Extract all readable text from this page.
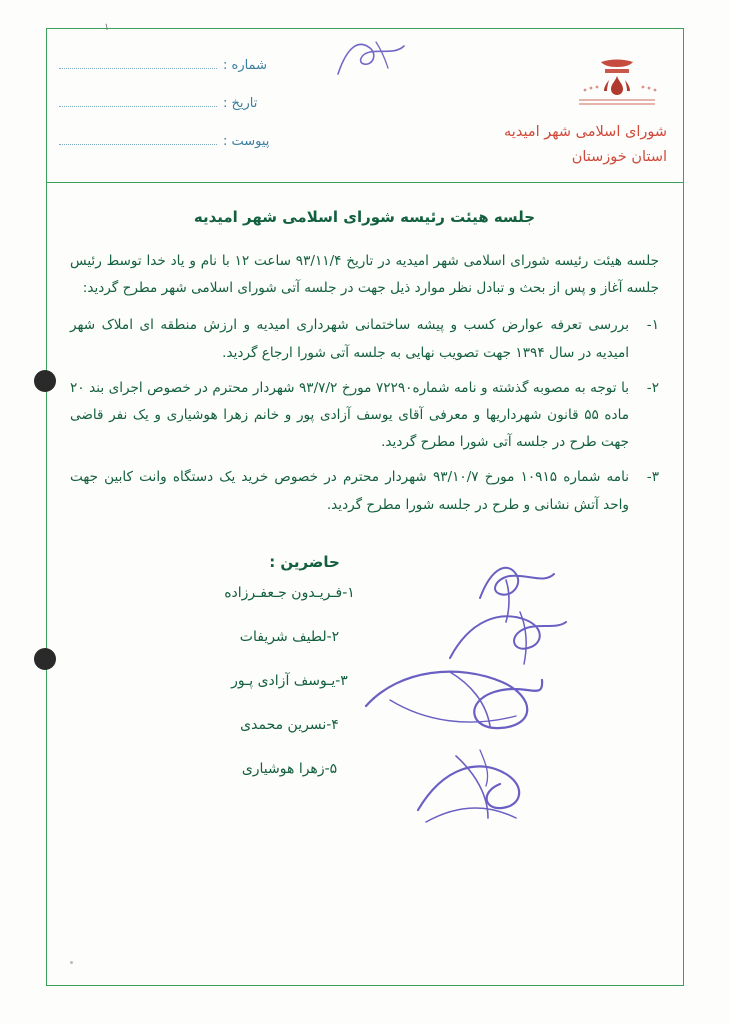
١
شماره :
تاریخ :
پیوست :
شورای اسلامی شهر امیدیه
استان خوزستان
جلسه هیئت رئیسه شورای اسلامی شهر امیدیه
جلسه هیئت رئیسه شورای اسلامی شهر امیدیه در تاریخ ۹۳/۱۱/۴ ساعت ۱۲ با نام و یاد خدا توسط رئیس جلسه آغاز و پس از بحث و تبادل نظر موارد ذیل جهت در جلسه آتی شورای اسلامی شهر مطرح گردید:
۱-
بررسی تعرفه عوارض کسب و پیشه ساختمانی شهرداری امیدیه و ارزش منطقه ای املاک شهر امیدیه در سال ۱۳۹۴ جهت تصویب نهایی به جلسه آتی شورا ارجاع گردید.
۲-
با توجه به مصوبه گذشته و نامه شماره۷۲۲۹۰ مورخ ۹۳/۷/۲ شهردار محترم در خصوص اجرای بند ۲۰ ماده ۵۵ قانون شهرداریها و معرفی آقای یوسف آزادی پور و خانم زهرا هوشیاری و یک نفر قاضی جهت طرح در جلسه آتی شورا مطرح گردید.
۳-
نامه شماره ۱۰۹۱۵ مورخ ۹۳/۱۰/۷ شهردار محترم در خصوص خرید یک دستگاه وانت کابین جهت واحد آتش نشانی و طرح در جلسه شورا مطرح گردید.
حاضرین :
۱-فـریـدون جـعفـرزاده
۲-لطیف شریفات
۳-یـوسف آزادی پـور
۴-نسرین محمدی
۵-زهرا هوشیاری
